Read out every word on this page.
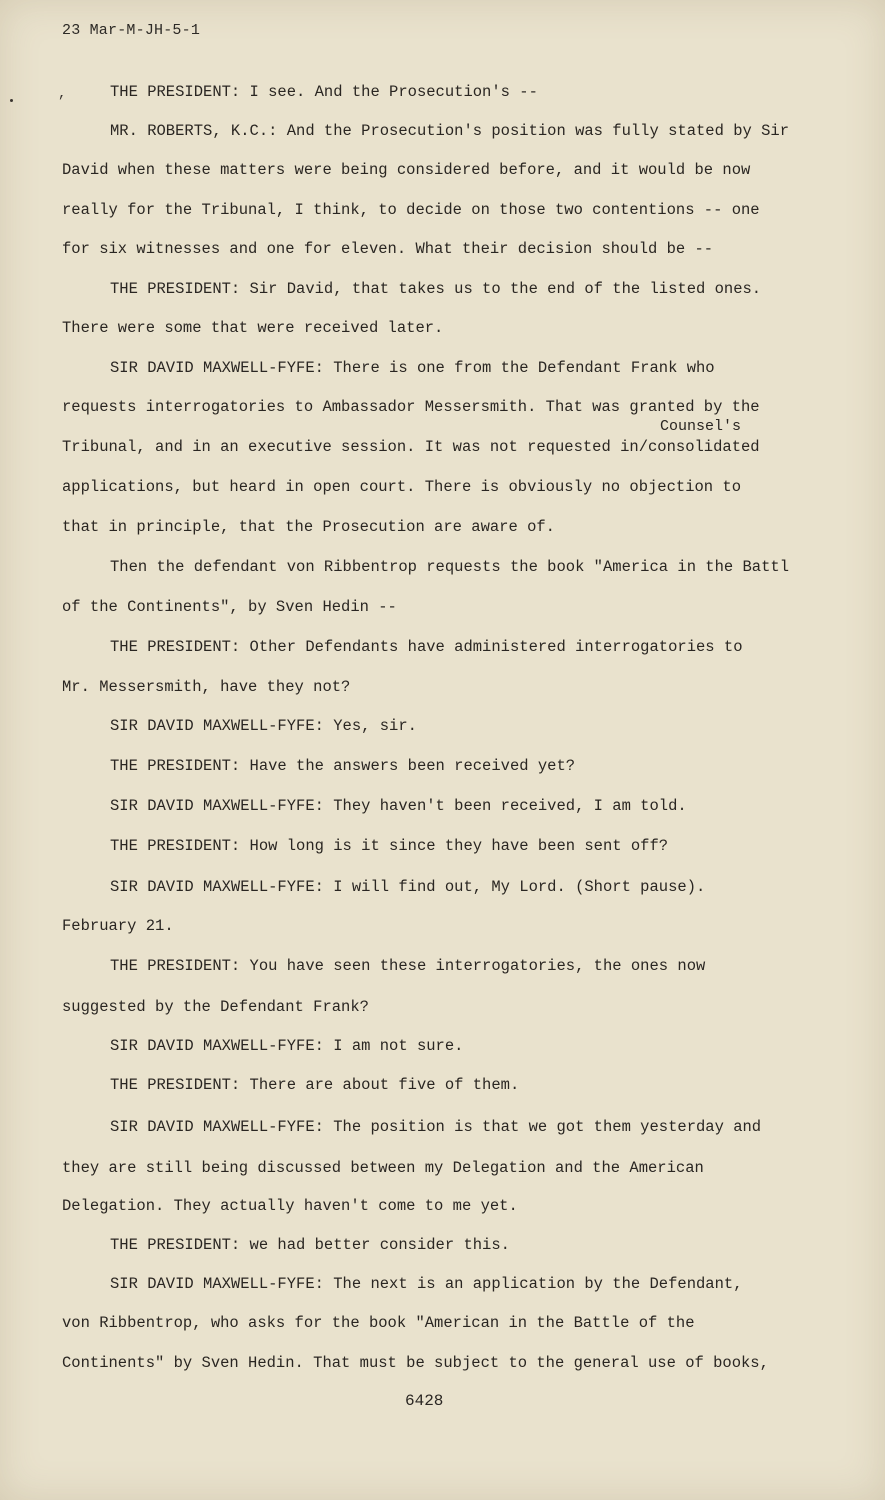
23 Mar-M-JH-5-1
,	THE PRESIDENT: I see. And the Prosecution's --
MR. ROBERTS, K.C.: And the Prosecution's position was fully stated by Sir
David when these matters were being considered before, and it would be now
really for the Tribunal, I think, to decide on those two contentions -- one
for six witnesses and one for eleven. What their decision should be --
THE PRESIDENT: Sir David, that takes us to the end of the listed ones.
There were some that were received later.
SIR DAVID MAXWELL-FYFE: There is one from the Defendant Frank who
requests interrogatories to Ambassador Messersmith. That was granted by the
Counsel's
Tribunal, and in an executive session. It was not requested in/consolidated
applications, but heard in open court. There is obviously no objection to
that in principle, that the Prosecution are aware of.
Then the defendant von Ribbentrop requests the book "America in the Battl
of the Continents", by Sven Hedin --
THE PRESIDENT: Other Defendants have administered interrogatories to
Mr. Messersmith, have they not?
SIR DAVID MAXWELL-FYFE: Yes, sir.
THE PRESIDENT: Have the answers been received yet?
SIR DAVID MAXWELL-FYFE: They haven't been received, I am told.
THE PRESIDENT: How long is it since they have been sent off?
SIR DAVID MAXWELL-FYFE: I will find out, My Lord. (Short pause).
February 21.
THE PRESIDENT: You have seen these interrogatories, the ones now
suggested by the Defendant Frank?
SIR DAVID MAXWELL-FYFE: I am not sure.
THE PRESIDENT: There are about five of them.
SIR DAVID MAXWELL-FYFE: The position is that we got them yesterday and
they are still being discussed between my Delegation and the American
Delegation. They actually haven't come to me yet.
THE PRESIDENT: we had better consider this.
SIR DAVID MAXWELL-FYFE: The next is an application by the Defendant,
von Ribbentrop, who asks for the book "American in the Battle of the
Continents" by Sven Hedin. That must be subject to the general use of books,
6428
